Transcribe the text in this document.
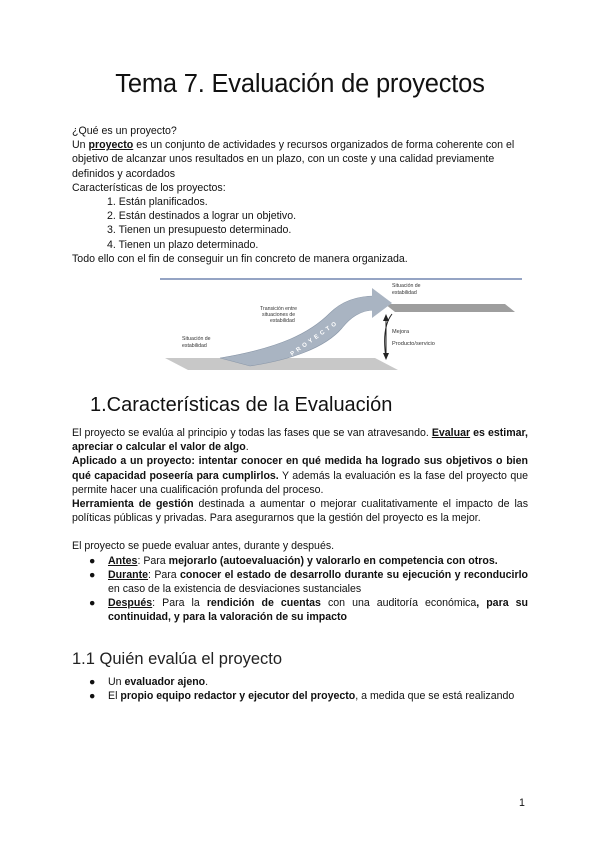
Tema 7. Evaluación de proyectos

¿Qué es un proyecto?

Un proyecto es un conjunto de actividades y recursos organizados de forma coherente con el objetivo de alcanzar unos resultados en un plazo, con un coste y una calidad previamente definidos y acordados

Características de los proyectos:

1. Están planificados.
2. Están destinados a lograr un objetivo.
3. Tienen un presupuesto determinado.
4. Tienen un plazo determinado.

Todo ello con el fin de conseguir un fin concreto de manera organizada.

Situación de
estabilidad
Transición entre
situaciones de
estabilidad
PROYECTO
Situación de
estabilidad
Mejora
Producto/servicio
1.Características de la Evaluación

El proyecto se evalúa al principio y todas las fases que se van atravesando. Evaluar es estimar, apreciar o calcular el valor de algo.

Aplicado a un proyecto: intentar conocer en qué medida ha logrado sus objetivos o bien qué capacidad poseería para cumplirlos. Y además la evaluación es la fase del proyecto que permite hacer una cualificación profunda del proceso.

Herramienta de gestión destinada a aumentar o mejorar cualitativamente el impacto de las políticas públicas y privadas. Para asegurarnos que la gestión del proyecto es la mejor.

El proyecto se puede evaluar antes, durante y después.

● Antes: Para mejorarlo (autoevaluación) y valorarlo en competencia con otros.
● Durante: Para conocer el estado de desarrollo durante su ejecución y reconducirlo en caso de la existencia de desviaciones sustanciales
● Después: Para la rendición de cuentas con una auditoría económica, para su continuidad, y para la valoración de su impacto
1.1 Quién evalúa el proyecto
● Un evaluador ajeno.
● El propio equipo redactor y ejecutor del proyecto, a medida que se está realizando
1
